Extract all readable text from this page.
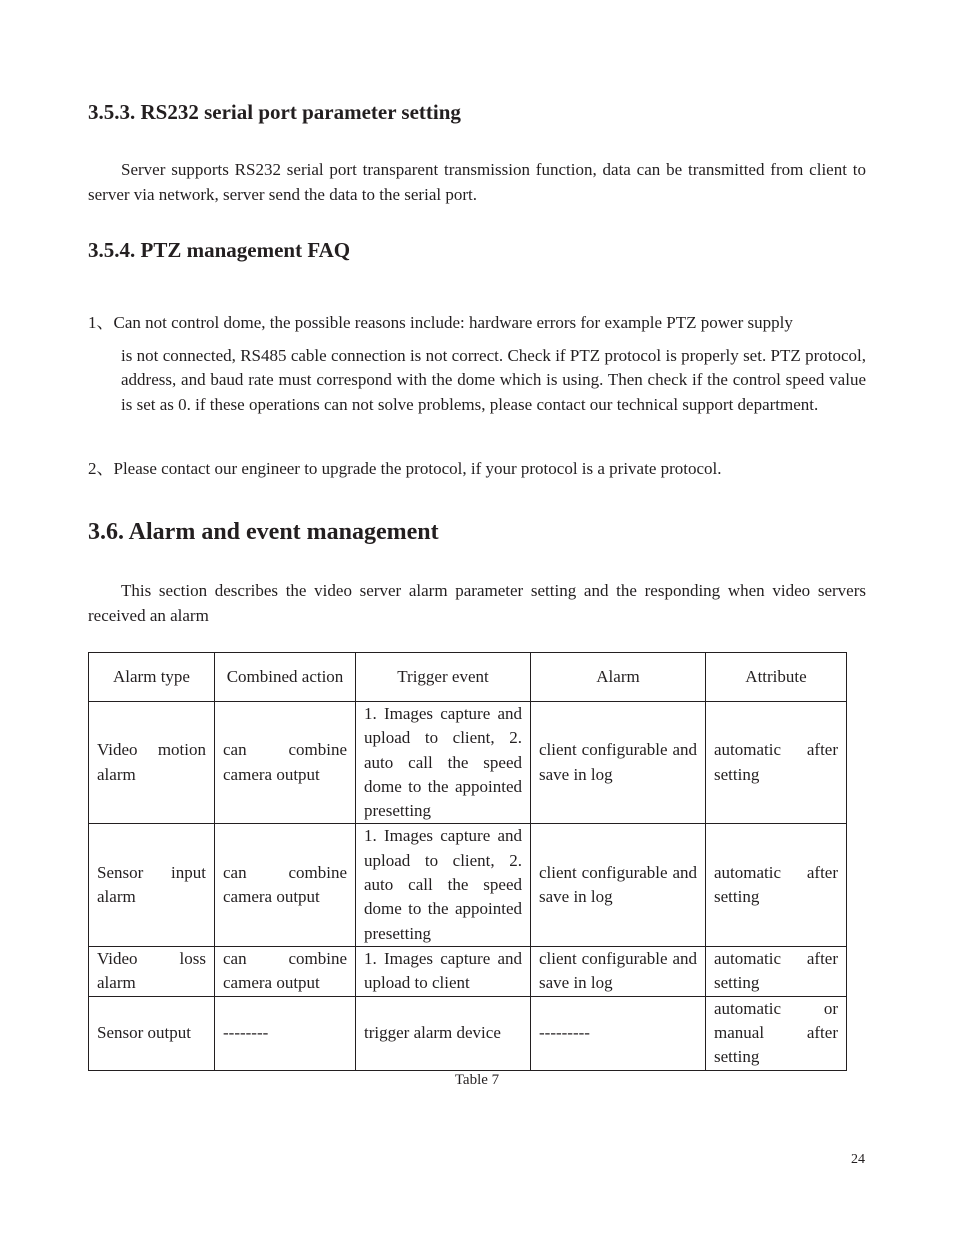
3.5.3. RS232 serial port parameter setting
Server supports RS232 serial port transparent transmission function, data can be transmitted from client to server via network, server send the data to the serial port.
3.5.4. PTZ management FAQ
1、Can not control dome, the possible reasons include: hardware errors for example PTZ power supply
is not connected, RS485 cable connection is not correct. Check if PTZ protocol is properly set. PTZ protocol, address, and baud rate must correspond with the dome which is using. Then check if the control speed value is set as 0. if these operations can not solve problems, please contact our technical support department.
2、Please contact our engineer to upgrade the protocol, if your protocol is a private protocol.
3.6. Alarm and event management
This section describes the video server alarm parameter setting and the responding when video servers received an alarm
Alarm type	Combined action	Trigger event	Alarm	Attribute
Video motion alarm	can combine camera output	1. Images capture and upload to client, 2. auto call the speed dome to the appointed presetting	client configurable and save in log	automatic after setting
Sensor input alarm	can combine camera output	1. Images capture and upload to client, 2. auto call the speed dome to the appointed presetting	client configurable and save in log	automatic after setting
Video loss alarm	can combine camera output	1. Images capture and upload to client	client configurable and save in log	automatic after setting
Sensor output	--------	trigger alarm device	---------	automatic or manual after setting
Table 7
24
